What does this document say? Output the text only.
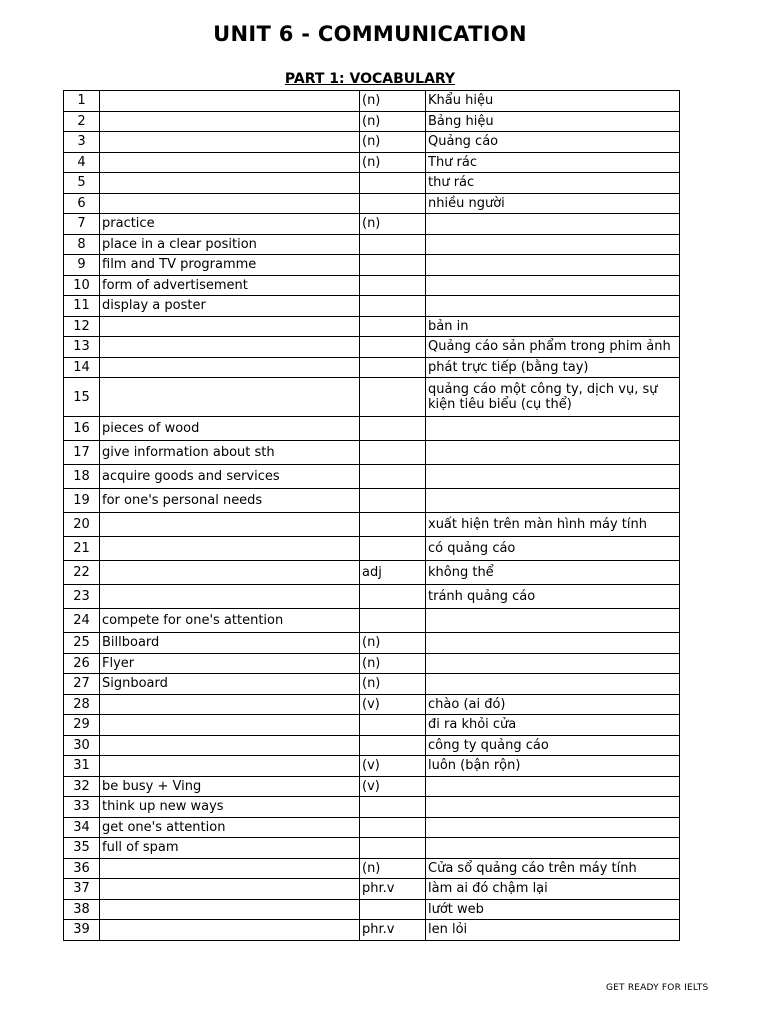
UNIT 6 - COMMUNICATION
PART 1: VOCABULARY
1		(n)	Khẩu hiệu
2		(n)	Bảng hiệu
3		(n)	Quảng cáo
4		(n)	Thư rác
5			thư rác
6			nhiều người
7	practice	(n)	
8	place in a clear position		
9	film and TV programme		
10	form of advertisement		
11	display a poster		
12			bản in
13			Quảng cáo sản phẩm trong phim ảnh
14			phát trực tiếp (bằng tay)
15			quảng cáo một công ty, dịch vụ, sự kiện tiêu biểu (cụ thể)
16	pieces of wood		
17	give information about sth		
18	acquire goods and services		
19	for one's personal needs		
20			xuất hiện trên màn hình máy tính
21			có quảng cáo
22		adj	không thể
23			tránh quảng cáo
24	compete for one's attention		
25	Billboard	(n)	
26	Flyer	(n)	
27	Signboard	(n)	
28		(v)	chào (ai đó)
29			đi ra khỏi cửa
30			công ty quảng cáo
31		(v)	luôn (bận rộn)
32	be busy + Ving	(v)	
33	think up new ways		
34	get one's attention		
35	full of spam		
36		(n)	Cửa sổ quảng cáo trên máy tính
37		phr.v	làm ai đó chậm lại
38			lướt web
39		phr.v	len lỏi
GET READY FOR IELTS
